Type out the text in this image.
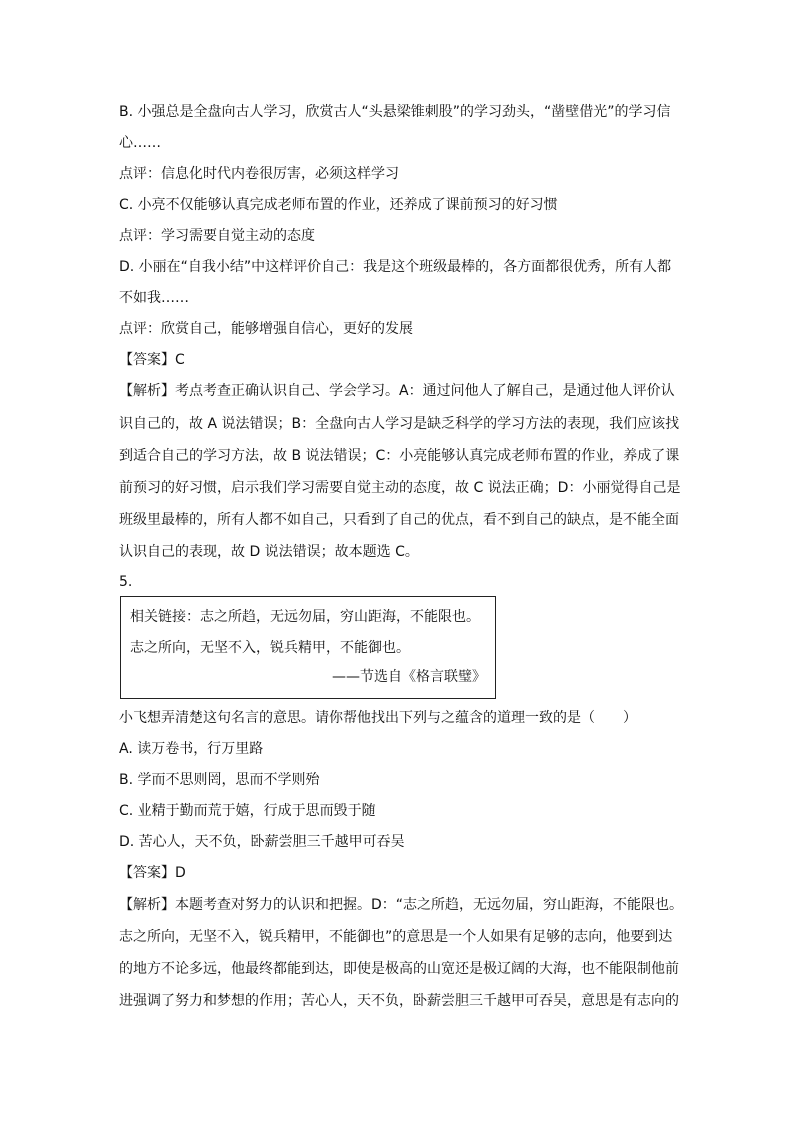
B. 小强总是全盘向古人学习，欣赏古人“头悬梁锥刺股”的学习劲头，“凿壁借光”的学习信
心……
点评：信息化时代内卷很厉害，必须这样学习
C. 小亮不仅能够认真完成老师布置的作业，还养成了课前预习的好习惯
点评：学习需要自觉主动的态度
D. 小丽在“自我小结”中这样评价自己：我是这个班级最棒的，各方面都很优秀，所有人都
不如我……
点评：欣赏自己，能够增强自信心，更好的发展
【答案】C
【解析】考点考查正确认识自己、学会学习。A：通过问他人了解自己，是通过他人评价认
识自己的，故 A 说法错误；B：全盘向古人学习是缺乏科学的学习方法的表现，我们应该找
到适合自己的学习方法，故 B 说法错误；C：小亮能够认真完成老师布置的作业，养成了课
前预习的好习惯，启示我们学习需要自觉主动的态度，故 C 说法正确；D：小丽觉得自己是
班级里最棒的，所有人都不如自己，只看到了自己的优点，看不到自己的缺点，是不能全面
认识自己的表现，故 D 说法错误；故本题选 C。
5.
相关链接：志之所趋，无远勿届，穷山距海，不能限也。
志之所向，无坚不入，锐兵精甲，不能御也。
——节选自《格言联璧》
小飞想弄清楚这句名言的意思。请你帮他找出下列与之蕴含的道理一致的是（　　）
A. 读万卷书，行万里路
B. 学而不思则罔，思而不学则殆
C. 业精于勤而荒于嬉，行成于思而毁于随
D. 苦心人，天不负，卧薪尝胆三千越甲可吞吴
【答案】D
【解析】本题考查对努力的认识和把握。D：“志之所趋，无远勿届，穷山距海，不能限也。
志之所向，无坚不入，锐兵精甲，不能御也”的意思是一个人如果有足够的志向，他要到达
的地方不论多远，他最终都能到达，即使是极高的山宽还是极辽阔的大海，也不能限制他前
进强调了努力和梦想的作用；苦心人，天不负，卧薪尝胆三千越甲可吞吴，意思是有志向的
